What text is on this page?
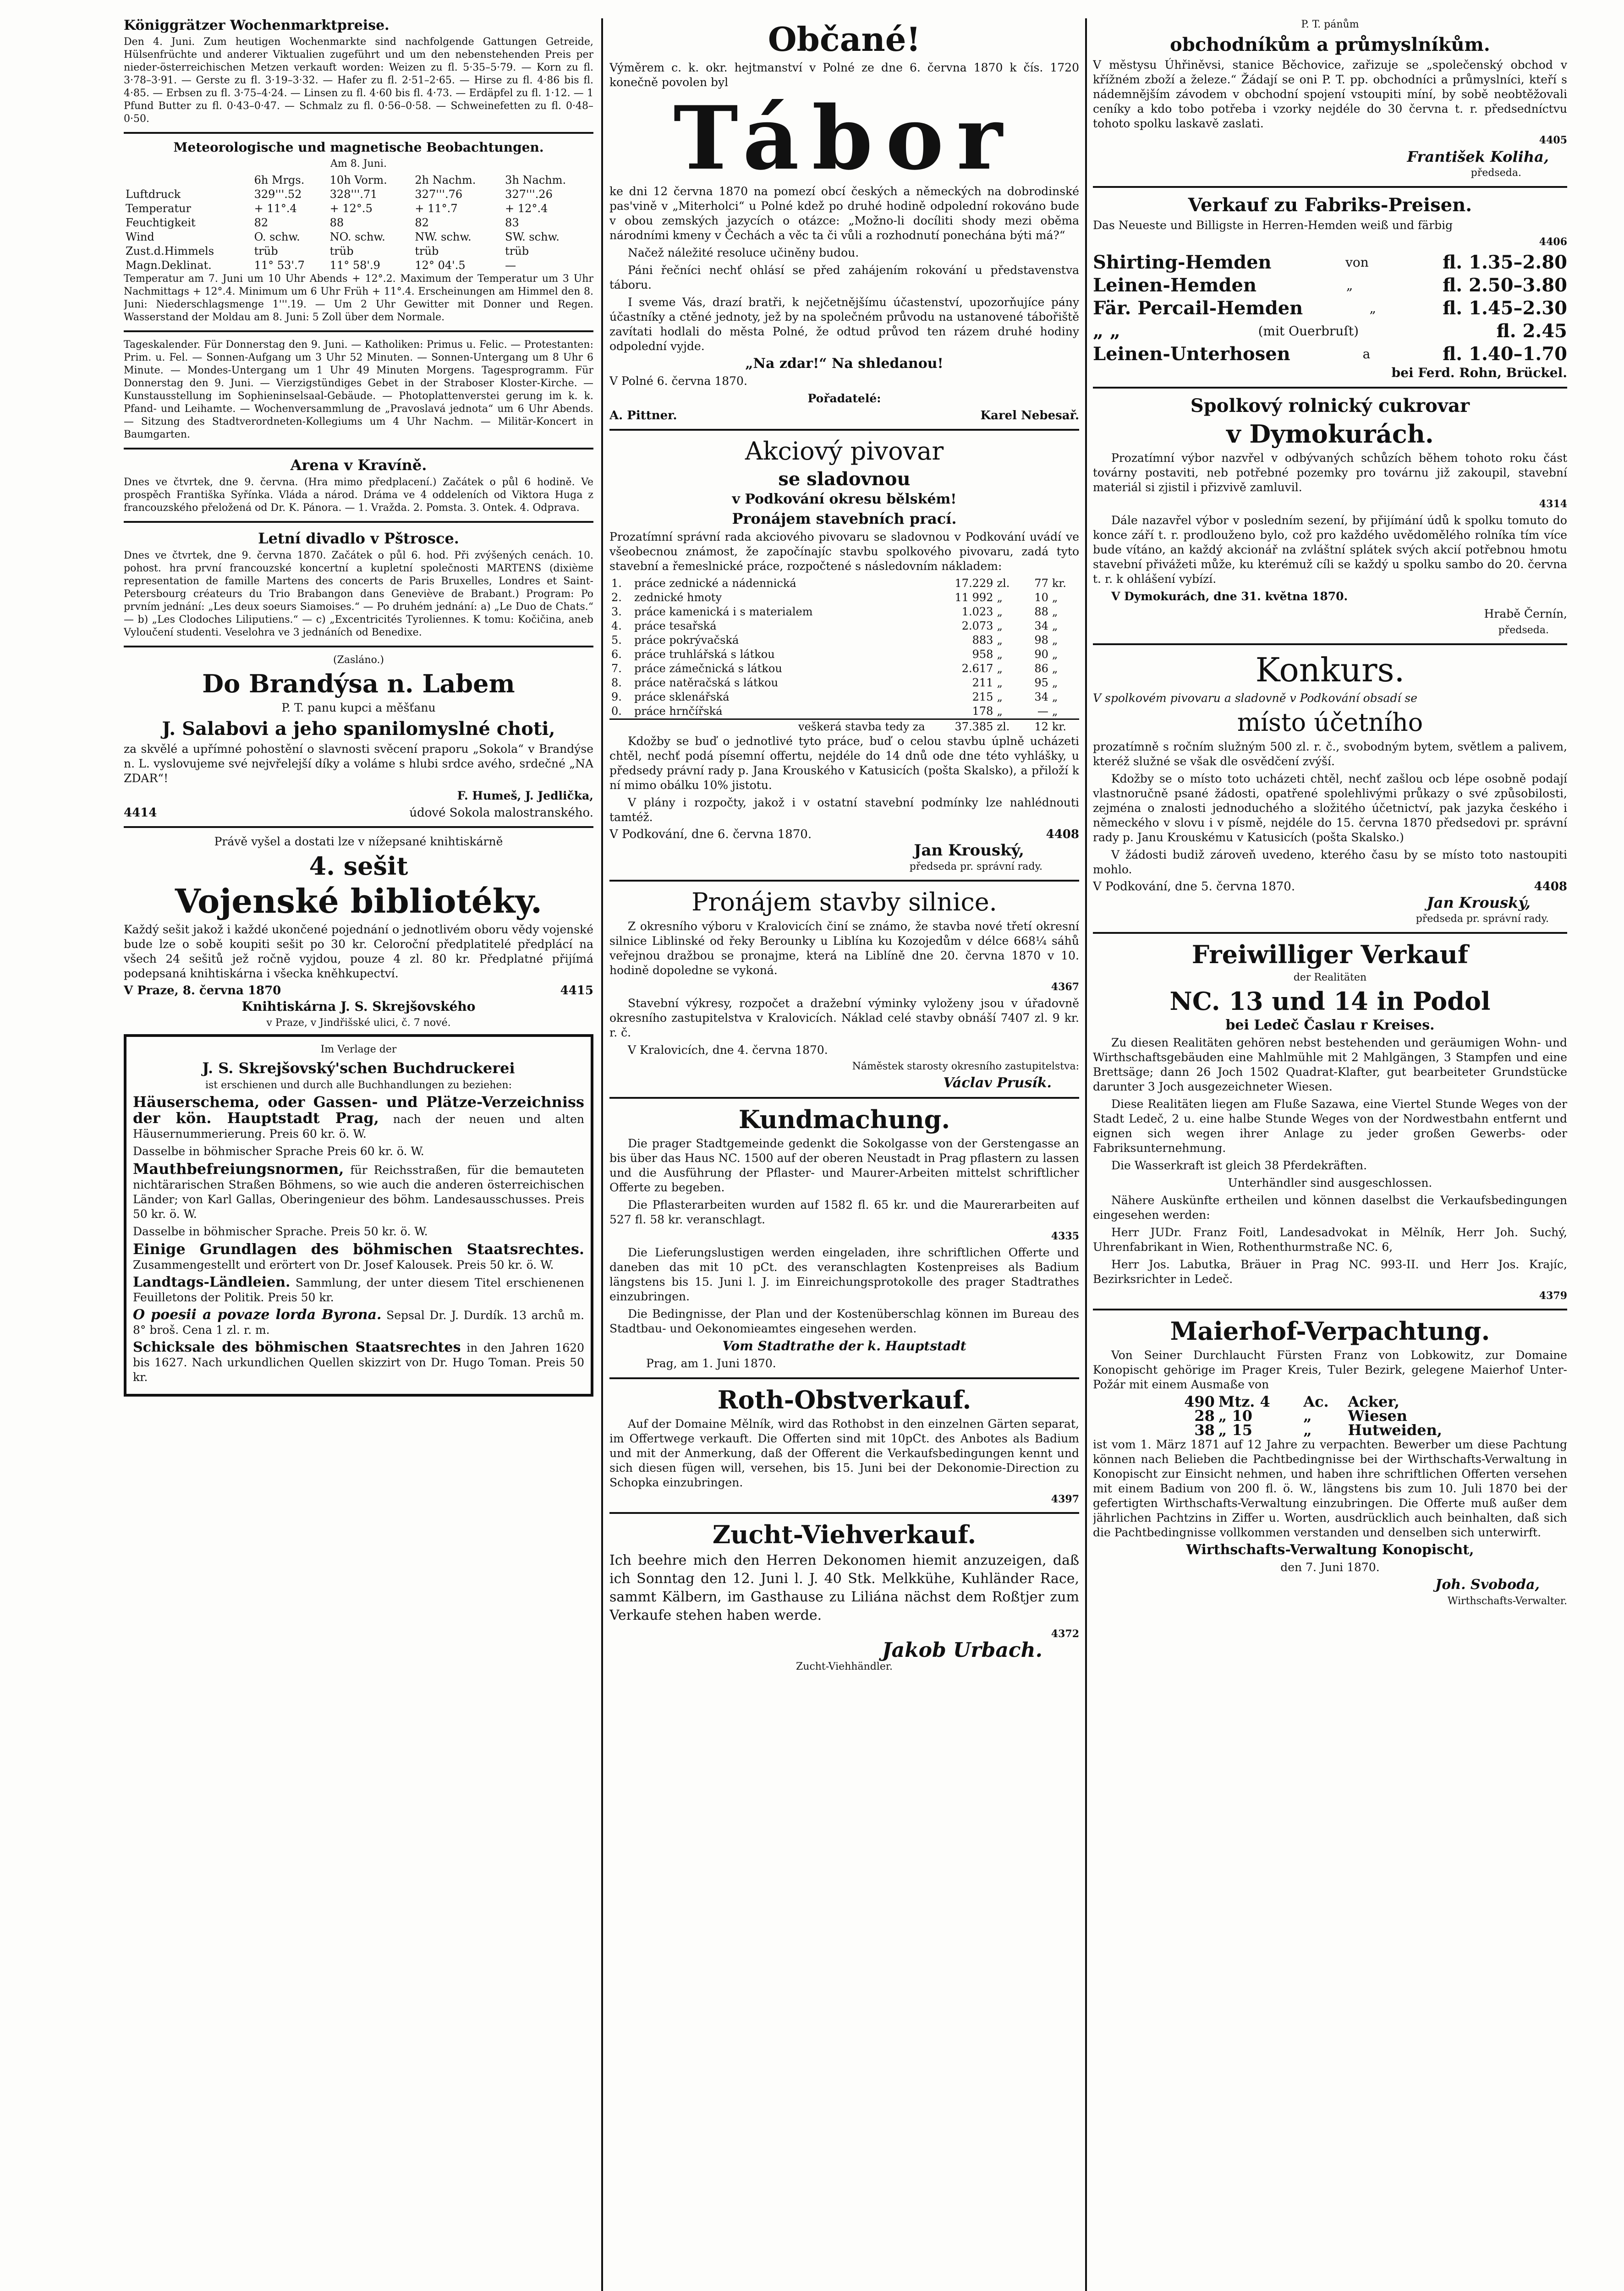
Königgrätzer Wochenmarktpreise.

Den 4. Juni. Zum heutigen Wochenmarkte sind nachfolgende Gattungen Getreide, Hülsenfrüchte und anderer Viktualien zugeführt und um den nebenstehenden Preis per nieder-österreichischen Metzen verkauft worden: Weizen zu fl. 5·35–5·79. — Korn zu fl. 3·78–3·91. — Gerste zu fl. 3·19–3·32. — Hafer zu fl. 2·51–2·65. — Hirse zu fl. 4·86 bis fl. 4·85. — Erbsen zu fl. 3·75–4·24. — Linsen zu fl. 4·60 bis fl. 4·73. — Erdäpfel zu fl. 1·12. — 1 Pfund Butter zu fl. 0·43–0·47. — Schmalz zu fl. 0·56–0·58. — Schweinefetten zu fl. 0·48–0·50.

Meteorologische und magnetische Beobachtungen.

Am 8. Juni.

	6h Mrgs.	10h Vorm.	2h Nachm.	3h Nachm.
Luftdruck	329'''.52	328'''.71	327'''.76	327'''.26
Temperatur	+ 11°.4	+ 12°.5	+ 11°.7	+ 12°.4
Feuchtigkeit	82	88	82	83
Wind	O. schw.	NO. schw.	NW. schw.	SW. schw.
Zust.d.Himmels	trüb	trüb	trüb	trüb
Magn.Deklinat.	11° 53'.7	11° 58'.9	12° 04'.5	—

Temperatur am 7. Juni um 10 Uhr Abends + 12°.2. Maximum der Temperatur um 3 Uhr Nachmittags + 12°.4. Minimum um 6 Uhr Früh + 11°.4. Erscheinungen am Himmel den 8. Juni: Niederschlagsmenge 1'''.19. — Um 2 Uhr Gewitter mit Donner und Regen. Wasserstand der Moldau am 8. Juni: 5 Zoll über dem Normale.

Tageskalender. Für Donnerstag den 9. Juni. — Katholiken: Primus u. Felic. — Protestanten: Prim. u. Fel. — Sonnen-Aufgang um 3 Uhr 52 Minuten. — Sonnen-Untergang um 8 Uhr 6 Minute. — Mondes-Untergang um 1 Uhr 49 Minuten Morgens. Tagesprogramm. Für Donnerstag den 9. Juni. — Vierzigstündiges Gebet in der Straboser Kloster-Kirche. — Kunstausstellung im Sophieninselsaal-Gebäude. — Photoplattenverstei gerung im k. k. Pfand- und Leihamte. — Wochenversammlung de „Pravoslavá jednota“ um 6 Uhr Abends. — Sitzung des Stadtverordneten-Kollegiums um 4 Uhr Nachm. — Militär-Koncert in Baumgarten.

Arena v Kravíně.

Dnes ve čtvrtek, dne 9. června. (Hra mimo předplacení.) Začátek o půl 6 hodině. Ve prospěch Františka Syřínka. Vláda a národ. Dráma ve 4 oddeleních od Viktora Huga z francouzského přeložená od Dr. K. Pánora. — 1. Vražda. 2. Pomsta. 3. Ontek. 4. Odprava.

Letní divadlo v Pštrosce.

Dnes ve čtvrtek, dne 9. června 1870. Začátek o půl 6. hod. Při zvýšených cenách. 10. pohost. hra první francouzské koncertní a kupletní společnosti MARTENS (dixième representation de famille Martens des concerts de Paris Bruxelles, Londres et Saint-Petersbourg créateurs du Trio Brabangon dans Geneviève de Brabant.) Program: Po prvním jednání: „Les deux soeurs Siamoises.“ — Po druhém jednání: a) „Le Duo de Chats.“ — b) „Les Clodoches Liliputiens.“ — c) „Excentricités Tyroliennes. K tomu: Kočičina, aneb Vyloučení studenti. Veselohra ve 3 jednáních od Benedixe.

(Zasláno.)

Do Brandýsa n. Labem

P. T. panu kupci a měšťanu

J. Salabovi a jeho spanilomyslné choti,

za skvělé a upřímné pohostění o slavnosti svěcení praporu „Sokola“ v Brandýse n. L. vyslovujeme své nejvřelejší díky a voláme s hlubi srdce avého, srdečné „NA ZDAR“!

F. Humeš, J. Jedlička,

4414	údové Sokola malostranského.

Právě vyšel a dostati lze v nížepsané knihtiskárně

4. sešit
Vojenské bibliotéky.

Každý sešit jakož i každé ukončené pojednání o jednotlivém oboru vědy vojenské bude lze o sobě koupiti sešit po 30 kr. Celoroční předplatitelé předplácí na všech 24 sešitů jež ročně vyjdou, pouze 4 zl. 80 kr. Předplatné přijímá podepsaná knihtiskárna i všecka kněhkupectví.

V Praze, 8. června 1870	4415

Knihtiskárna J. S. Skrejšovského

v Praze, v Jindřišské ulici, č. 7 nové.

Im Verlage der

J. S. Skrejšovský'schen Buchdruckerei

ist erschienen und durch alle Buchhandlungen zu beziehen:

Häuserschema, oder Gassen- und Plätze-Verzeichniss der kön. Hauptstadt Prag, nach der neuen und alten Häusernummerierung. Preis 60 kr. ö. W.

Dasselbe in böhmischer Sprache Preis 60 kr. ö. W.

Mauthbefreiungsnormen, für Reichsstraßen, für die bemauteten nichtärarischen Straßen Böhmens, so wie auch die anderen österreichischen Länder; von Karl Gallas, Oberingenieur des böhm. Landesausschusses. Preis 50 kr. ö. W.

Dasselbe in böhmischer Sprache. Preis 50 kr. ö. W.

Einige Grundlagen des böhmischen Staatsrechtes. Zusammengestellt und erörtert von Dr. Josef Kalousek. Preis 50 kr. ö. W.

Landtags-Ländleien. Sammlung, der unter diesem Titel erschienenen Feuilletons der Politik. Preis 50 kr.

O poesii a povaze lorda Byrona. Sepsal Dr. J. Durdík. 13 archů m. 8° broš. Cena 1 zl. r. m.

Schicksale des böhmischen Staatsrechtes in den Jahren 1620 bis 1627. Nach urkundlichen Quellen skizzirt von Dr. Hugo Toman. Preis 50 kr.

Občané!

Výměrem c. k. okr. hejtmanství v Polné ze dne 6. června 1870 k čís. 1720 konečně povolen byl

Tábor

ke dni 12 června 1870 na pomezí obcí českých a německých na dobrodinské pas'vině v „Miterholci“ u Polné kdež po druhé hodině odpolední rokováno bude v obou zemských jazycích o otázce: „Možno-li docíliti shody mezi oběma národními kmeny v Čechách a věc ta či vůli a rozhodnutí ponechána býti má?“

Načež náležité resoluce učiněny budou.

Páni řečníci nechť ohlásí se před zahájením rokování u představenstva táboru.

I sveme Vás, drazí bratři, k nejčetnějšímu účastenství, upozorňujíce pány účastníky a ctěné jednoty, jež by na společném průvodu na ustanovené tábořiště zavítati hodlali do města Polné, že odtud průvod ten rázem druhé hodiny odpolední vyjde.

„Na zdar!“ Na shledanou!

V Polné 6. června 1870.

Pořadatelé:

A. Pittner.	Karel Nebesař.
Akciový pivovar
se sladovnou

v Podkování okresu bělském!

Pronájem stavebních prací.

Prozatímní správní rada akciového pivovaru se sladovnou v Podkování uvádí ve všeobecnou známost, že započínajíc stavbu spolkového pivovaru, zadá tyto stavební a řemeslnické práce, rozpočtené s následovním nákladem:

1.	práce zednické a nádennická	17.229	zl.	77	kr.
2.	zednické hmoty	11 992	„	10	„
3.	práce kamenická i s materialem	1.023	„	88	„
4.	práce tesařská	2.073	„	34	„
5.	práce pokrývačská	883	„	98	„
6.	práce truhlářská s látkou	958	„	90	„
7.	práce zámečnická s látkou	2.617	„	86	„
8.	práce natěračská s látkou	211	„	95	„
9.	práce sklenářská	215	„	34	„
0.	práce hrnčířská	178	„	—	„
	veškerá stavba tedy za	37.385	zl.	12	kr.

Kdožby se buď o jednotlivé tyto práce, buď o celou stavbu úplně ucházeti chtěl, nechť podá písemní offertu, nejdéle do 14 dnů ode dne této vyhlášky, u předsedy právní rady p. Jana Krouského v Katusicích (pošta Skalsko), a přiloží k ní mimo obálku 10% jistotu.

V plány i rozpočty, jakož i v ostatní stavební podmínky lze nahlédnouti tamtéž.

V Podkování, dne 6. června 1870.	4408

Jan Krouský,

předseda pr. správní rady.

Pronájem stavby silnice.

Z okresního výboru v Kralovicích činí se známo, že stavba nové třetí okresní silnice Liblinské od řeky Berounky u Liblína ku Kozojedům v délce 668¼ sáhů veřejnou dražbou se pronajme, která na Liblíně dne 20. června 1870 v 10. hodině dopoledne se vykoná.

4367

Stavební výkresy, rozpočet a dražební výminky vyloženy jsou v úřadovně okresního zastupitelstva v Kralovicích. Náklad celé stavby obnáší 7407 zl. 9 kr. r. č.

V Kralovicích, dne 4. června 1870.

Náměstek starosty okresního zastupitelstva:

Václav Prusík.

Kundmachung.

Die prager Stadtgemeinde gedenkt die Sokolgasse von der Gerstengasse an bis über das Haus NC. 1500 auf der oberen Neustadt in Prag pflastern zu lassen und die Ausführung der Pflaster- und Maurer-Arbeiten mittelst schriftlicher Offerte zu begeben.

Die Pflasterarbeiten wurden auf 1582 fl. 65 kr. und die Maurerarbeiten auf 527 fl. 58 kr. veranschlagt.

4335

Die Lieferungslustigen werden eingeladen, ihre schriftlichen Offerte und daneben das mit 10 pCt. des veranschlagten Kostenpreises als Badium längstens bis 15. Juni l. J. im Einreichungsprotokolle des prager Stadtrathes einzubringen.

Die Bedingnisse, der Plan und der Kostenüberschlag können im Bureau des Stadtbau- und Oekonomieamtes eingesehen werden.

Vom Stadtrathe der k. Hauptstadt

Prag, am 1. Juni 1870.

Roth-Obstverkauf.

Auf der Domaine Mělník, wird das Rothobst in den einzelnen Gärten separat, im Offertwege verkauft. Die Offerten sind mit 10pCt. des Anbotes als Badium und mit der Anmerkung, daß der Offerent die Verkaufsbedingungen kennt und sich diesen fügen will, versehen, bis 15. Juni bei der Dekonomie-Direction zu Schopka einzubringen.

4397

Zucht-Viehverkauf.

Ich beehre mich den Herren Dekonomen hiemit anzuzeigen, daß ich Sonntag den 12. Juni l. J. 40 Stk. Melkkühe, Kuhländer Race, sammt Kälbern, im Gasthause zu Liliána nächst dem Roßtjer zum Verkaufe stehen haben werde.

4372

Jakob Urbach.

Zucht-Viehhändler.

P. T. pánům

obchodníkům a průmyslníkům.

V městysu Úhřiněvsi, stanice Běchovice, zařizuje se „společenský obchod v křížném zboží a železe.“ Žádají se oni P. T. pp. obchodníci a průmyslníci, kteří s nádemnějším závodem v obchodní spojení vstoupiti míní, by sobě neobtěžovali ceníky a kdo tobo potřeba i vzorky nejdéle do 30 června t. r. předsedníctvu tohoto spolku laskavě zaslati.

4405

František Koliha,

předseda.

Verkauf zu Fabriks-Preisen.

Das Neueste und Billigste in Herren-Hemden weiß und färbig

4406

Shirting-Hemden	von	fl. 1.35–2.80
Leinen-Hemden	„	fl. 2.50–3.80
Fär. Percail-Hemden	„	fl. 1.45–2.30
„ „	(mit Ouerbruſt)	fl. 2.45
Leinen-Unterhosen	a	fl. 1.40–1.70

bei Ferd. Rohn, Brückel.

Spolkový rolnický cukrovar
v Dymokurách.

Prozatímní výbor nazvřel v odbývaných schůzích během tohoto roku část továrny postaviti, neb potřebné pozemky pro továrnu již zakoupil, stavební materiál si zjistil i přizvivě zamluvil.

4314

Dále nazavřel výbor v posledním sezení, by přijímání údů k spolku tomuto do konce září t. r. prodlouženo bylo, což pro každého uvědomělého rolníka tím více bude vítáno, an každý akcionář na zvláštní splátek svých akcií potřebnou hmotu stavební přivážeti může, ku kterémuž cíli se každý u spolku sambo do 20. června t. r. k ohlášení vybízí.

V Dymokurách, dne 31. května 1870.

Hrabě Černín,

předseda.

Konkurs.

V spolkovém pivovaru a sladovně v Podkování obsadí se

místo účetního

prozatímně s ročním služným 500 zl. r. č., svobodným bytem, světlem a palivem, kteréž služné se však dle osvědčení zvýší.

Kdožby se o místo toto ucházeti chtěl, nechť zašlou ocb lépe osobně podají vlastnoručně psané žádosti, opatřené spolehlivými průkazy o své způsobilosti, zejména o znalosti jednoduchého a složitého účetnictví, pak jazyka českého i německého v slovu i v písmě, nejdéle do 15. června 1870 předsedovi pr. správní rady p. Janu Krouskému v Katusicích (pošta Skalsko.)

V žádosti budiž zároveň uvedeno, kterého času by se místo toto nastoupiti mohlo.

V Podkování, dne 5. června 1870.	4408

Jan Krouský,

předseda pr. správní rady.

Freiwilliger Verkauf

der Realitäten

NC. 13 und 14 in Podol

bei Ledeč Časlau r Kreises.

Zu diesen Realitäten gehören nebst bestehenden und geräumigen Wohn- und Wirthschaftsgebäuden eine Mahlmühle mit 2 Mahlgängen, 3 Stampfen und eine Brettsäge; dann 26 Joch 1502 Quadrat-Klafter, gut bearbeiteter Grundstücke darunter 3 Joch ausgezeichneter Wiesen.

Diese Realitäten liegen am Fluße Sazawa, eine Viertel Stunde Weges von der Stadt Ledeč, 2 u. eine halbe Stunde Weges von der Nordwestbahn entfernt und eignen sich wegen ihrer Anlage zu jeder großen Gewerbs- oder Fabriksunternehmung.

Die Wasserkraft ist gleich 38 Pferdekräften.

Unterhändler sind ausgeschlossen.

Nähere Auskünfte ertheilen und können daselbst die Verkaufsbedingungen eingesehen werden:

Herr JUDr. Franz Foitl, Landesadvokat in Mělník, Herr Joh. Suchý, Uhrenfabrikant in Wien, Rothenthurmstraße NC. 6,

Herr Jos. Labutka, Bräuer in Prag NC. 993-II. und Herr Jos. Krajíc, Bezirksrichter in Ledeč.

4379

Maierhof-Verpachtung.

Von Seiner Durchlaucht Fürsten Franz von Lobkowitz, zur Domaine Konopischt gehörige im Prager Kreis, Tuler Bezirk, gelegene Maierhof Unter-Požár mit einem Ausmaße von

490	Mtz. 4	Ac.	Acker,
28	„ 10	„	Wiesen
38	„ 15	„	Hutweiden,

ist vom 1. März 1871 auf 12 Jahre zu verpachten. Bewerber um diese Pachtung können nach Belieben die Pachtbedingnisse bei der Wirthschafts-Verwaltung in Konopischt zur Einsicht nehmen, und haben ihre schriftlichen Offerten versehen mit einem Badium von 200 fl. ö. W., längstens bis zum 10. Juli 1870 bei der gefertigten Wirthschafts-Verwaltung einzubringen. Die Offerte muß außer dem jährlichen Pachtzins in Ziffer u. Worten, ausdrücklich auch beinhalten, daß sich die Pachtbedingnisse vollkommen verstanden und denselben sich unterwirft.

Wirthschafts-Verwaltung Konopischt,

den 7. Juni 1870.

Joh. Svoboda,

Wirthschafts-Verwalter.
